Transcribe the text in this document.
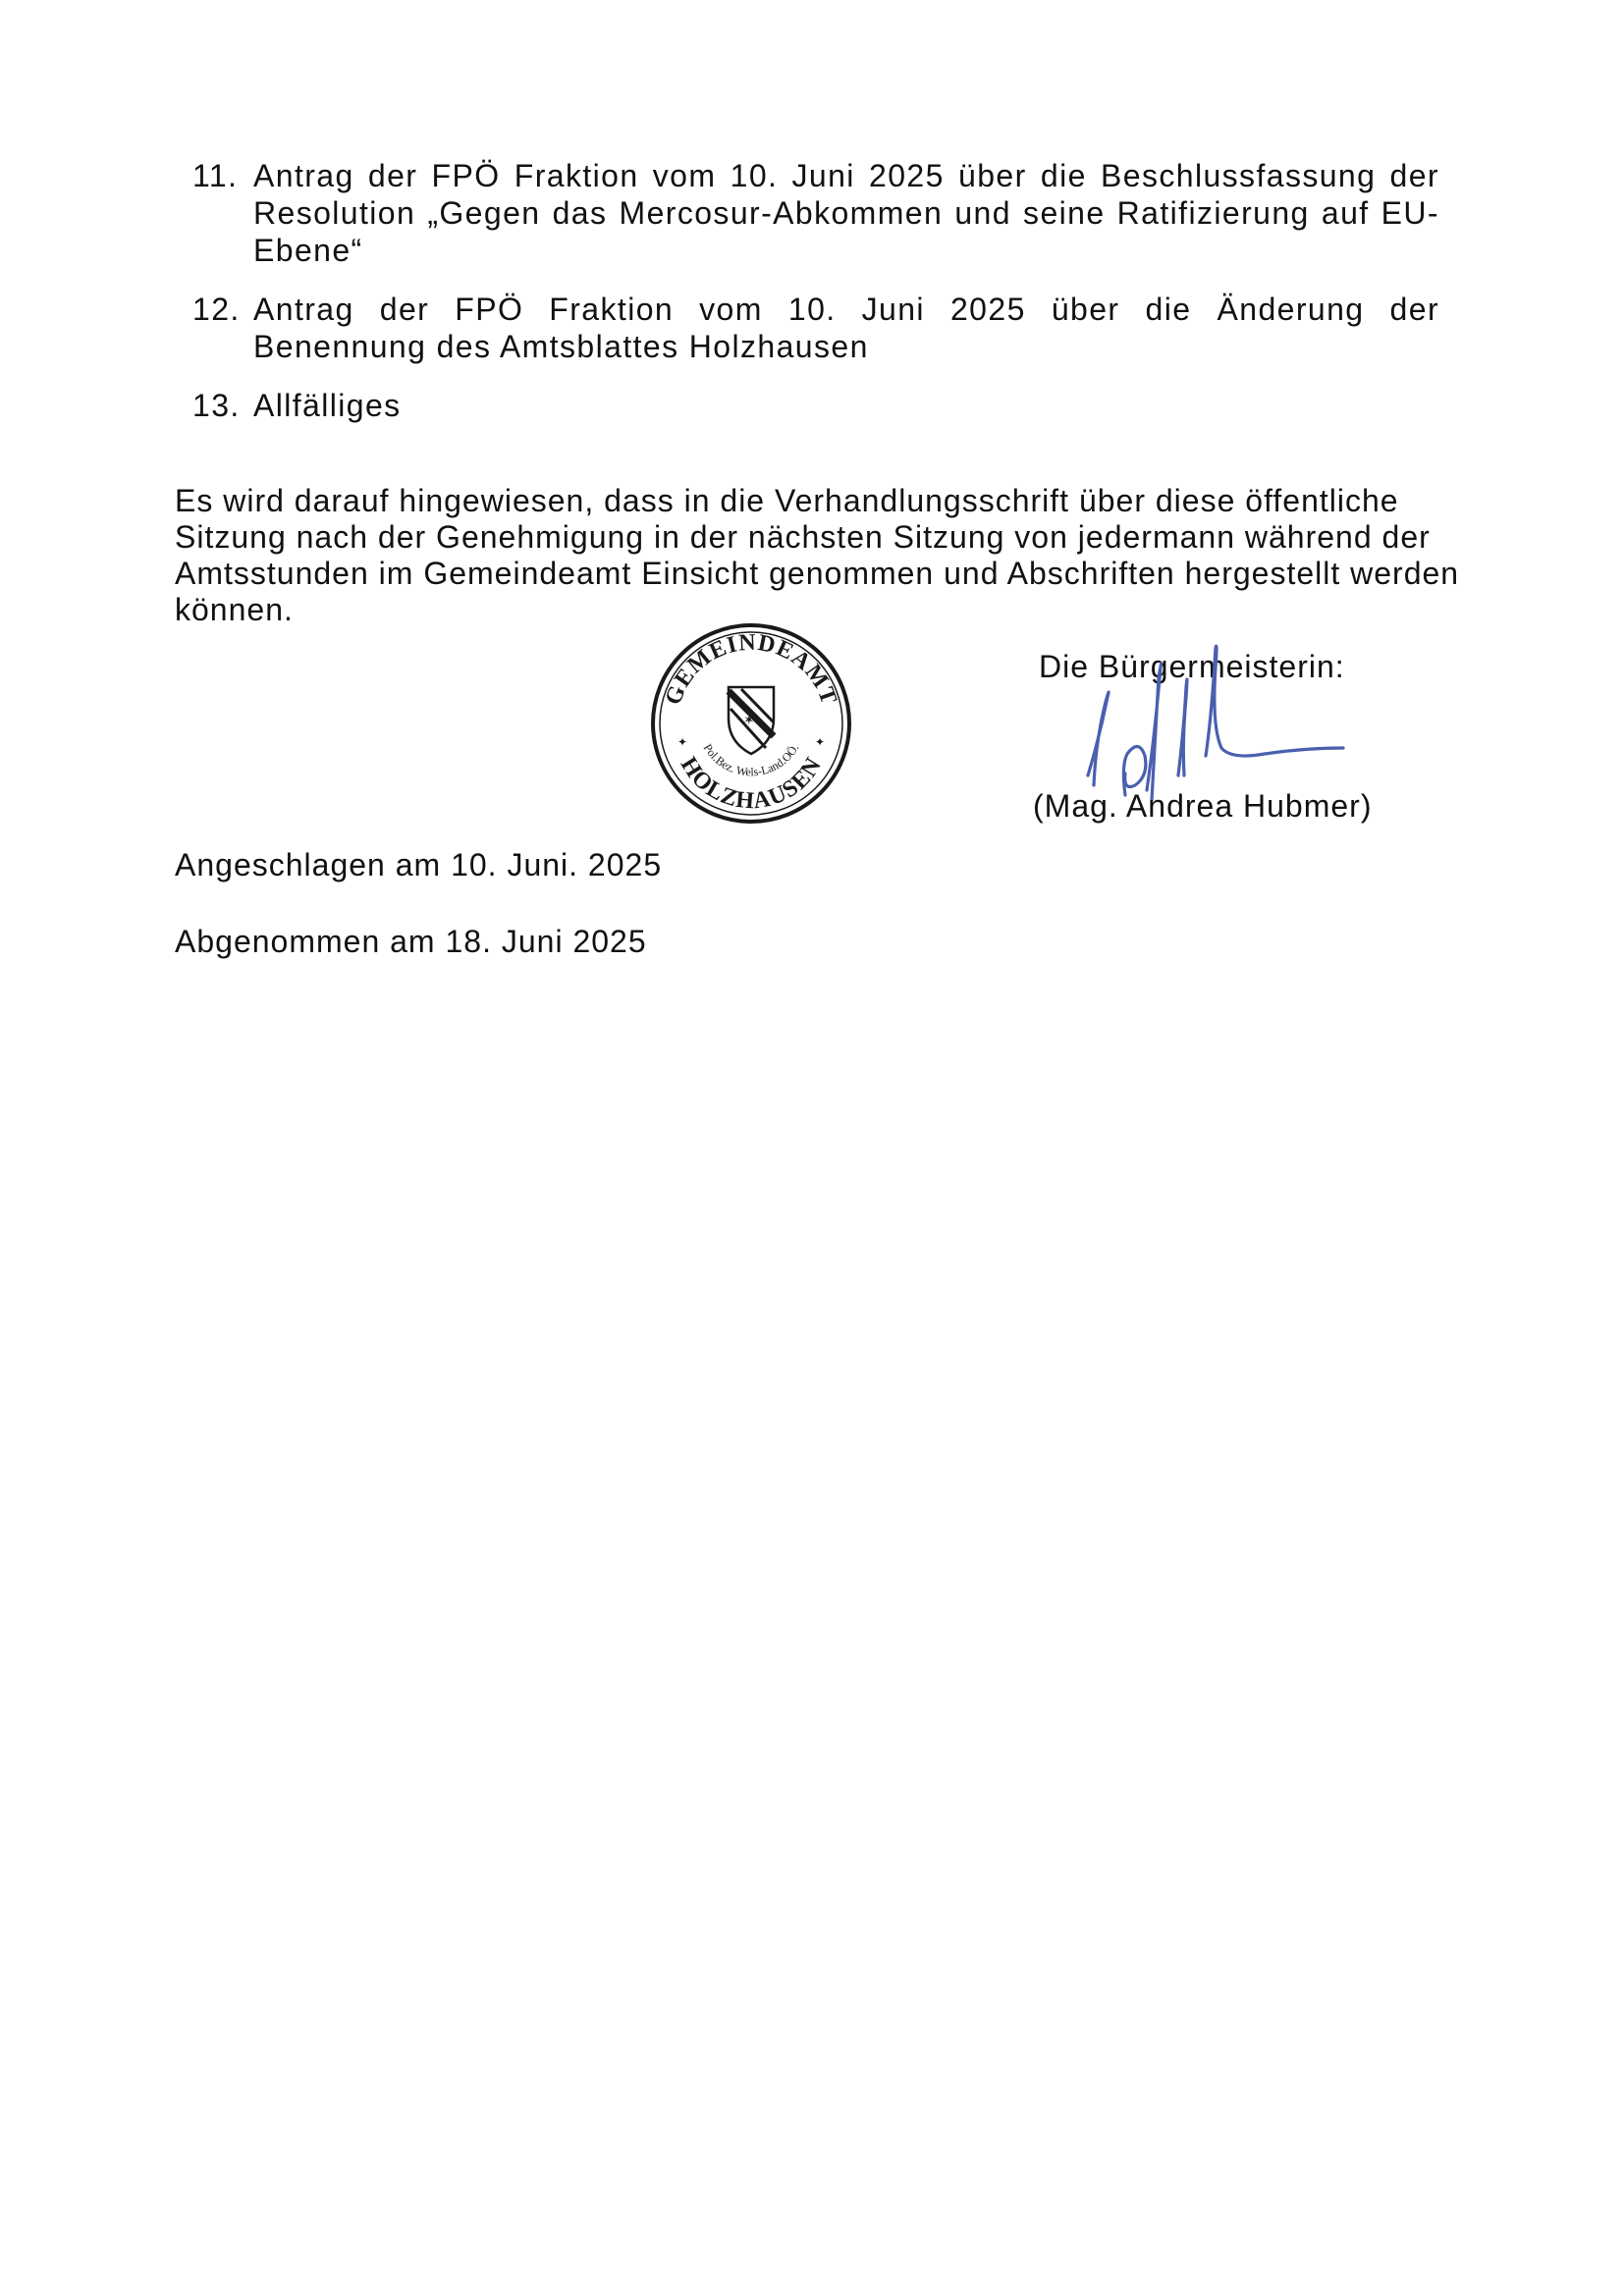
11. Antrag der FPÖ Fraktion vom 10. Juni 2025 über die Beschlussfassung der Resolution „Gegen das Mercosur-Abkommen und seine Ratifizierung auf EU-Ebene“
12. Antrag der FPÖ Fraktion vom 10. Juni 2025 über die Änderung der Benennung des Amtsblattes Holzhausen
13. Allfälliges

Es wird darauf hingewiesen, dass in die Verhandlungsschrift über diese öffentliche Sitzung nach der Genehmigung in der nächsten Sitzung von jedermann während der Amtsstunden im Gemeindeamt Einsicht genommen und Abschriften hergestellt werden können.

GEMEINDEAMT
HOLZHAUSEN
Pol.Bez. Wels-Land.OÖ.
✦	✦
✶
Die Bürgermeisterin:
(Mag. Andrea Hubmer)
Angeschlagen am 10. Juni. 2025
Abgenommen am 18. Juni 2025
